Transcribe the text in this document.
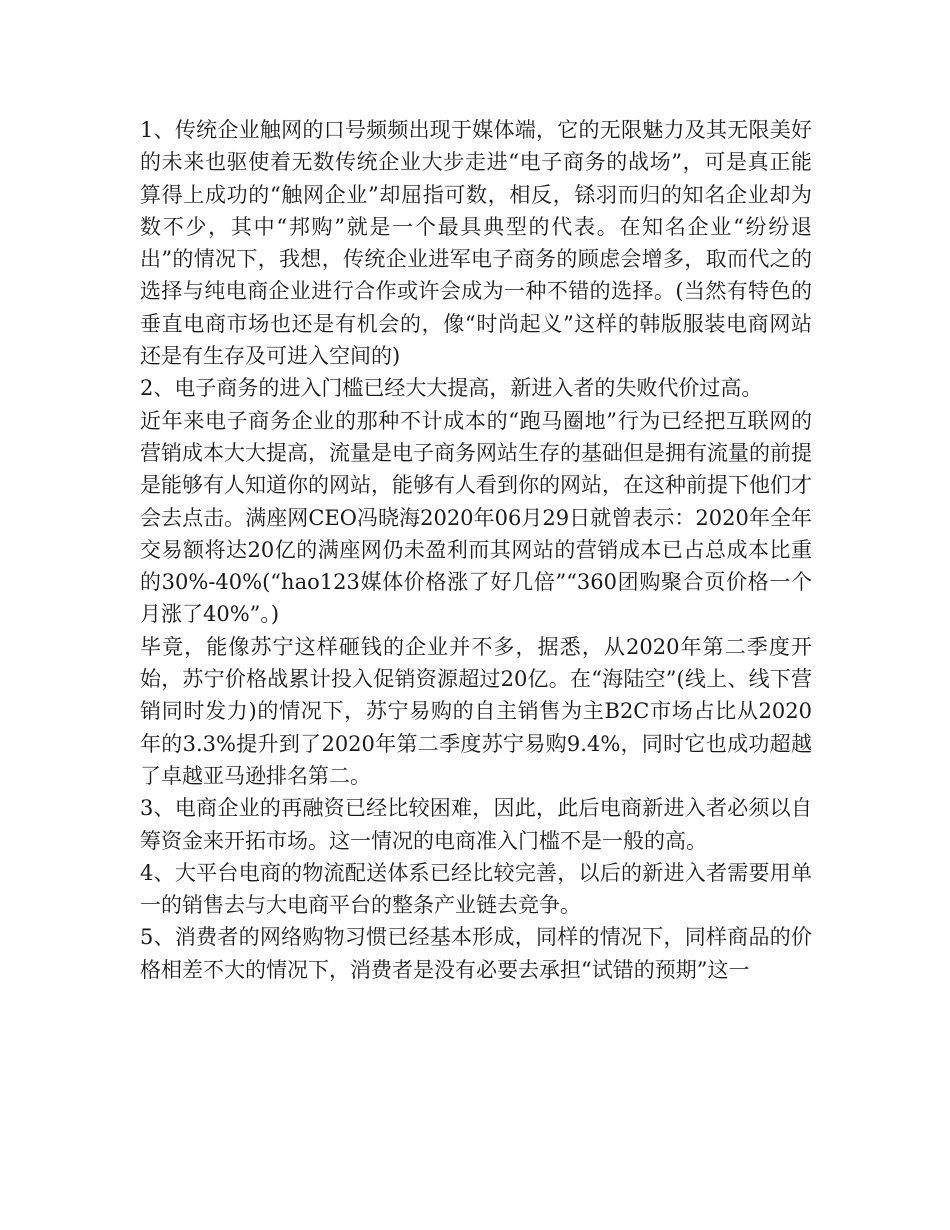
1、传统企业触网的口号频频出现于媒体端，它的无限魅力及其无限美好的未来也驱使着无数传统企业大步走进“电子商务的战场”，可是真正能算得上成功的“触网企业”却屈指可数，相反，铩羽而归的知名企业却为数不少，其中“邦购”就是一个最具典型的代表。在知名企业“纷纷退出”的情况下，我想，传统企业进军电子商务的顾虑会增多，取而代之的选择与纯电商企业进行合作或许会成为一种不错的选择。(当然有特色的垂直电商市场也还是有机会的，像“时尚起义”这样的韩版服装电商网站还是有生存及可进入空间的)

2、电子商务的进入门槛已经大大提高，新进入者的失败代价过高。

近年来电子商务企业的那种不计成本的“跑马圈地”行为已经把互联网的营销成本大大提高，流量是电子商务网站生存的基础但是拥有流量的前提是能够有人知道你的网站，能够有人看到你的网站，在这种前提下他们才会去点击。满座网CEO冯晓海2020年06月29日就曾表示：2020年全年交易额将达20亿的满座网仍未盈利而其网站的营销成本已占总成本比重的30%-40%(“hao123媒体价格涨了好几倍”“360团购聚合页价格一个月涨了40%”。)

毕竟，能像苏宁这样砸钱的企业并不多，据悉，从2020年第二季度开始，苏宁价格战累计投入促销资源超过20亿。在“海陆空”(线上、线下营销同时发力)的情况下，苏宁易购的自主销售为主B2C市场占比从2020年的3.3%提升到了2020年第二季度苏宁易购9.4%，同时它也成功超越了卓越亚马逊排名第二。

3、电商企业的再融资已经比较困难，因此，此后电商新进入者必须以自筹资金来开拓市场。这一情况的电商准入门槛不是一般的高。

4、大平台电商的物流配送体系已经比较完善，以后的新进入者需要用单一的销售去与大电商平台的整条产业链去竞争。

5、消费者的网络购物习惯已经基本形成，同样的情况下，同样商品的价格相差不大的情况下，消费者是没有必要去承担“试错的预期”这一
